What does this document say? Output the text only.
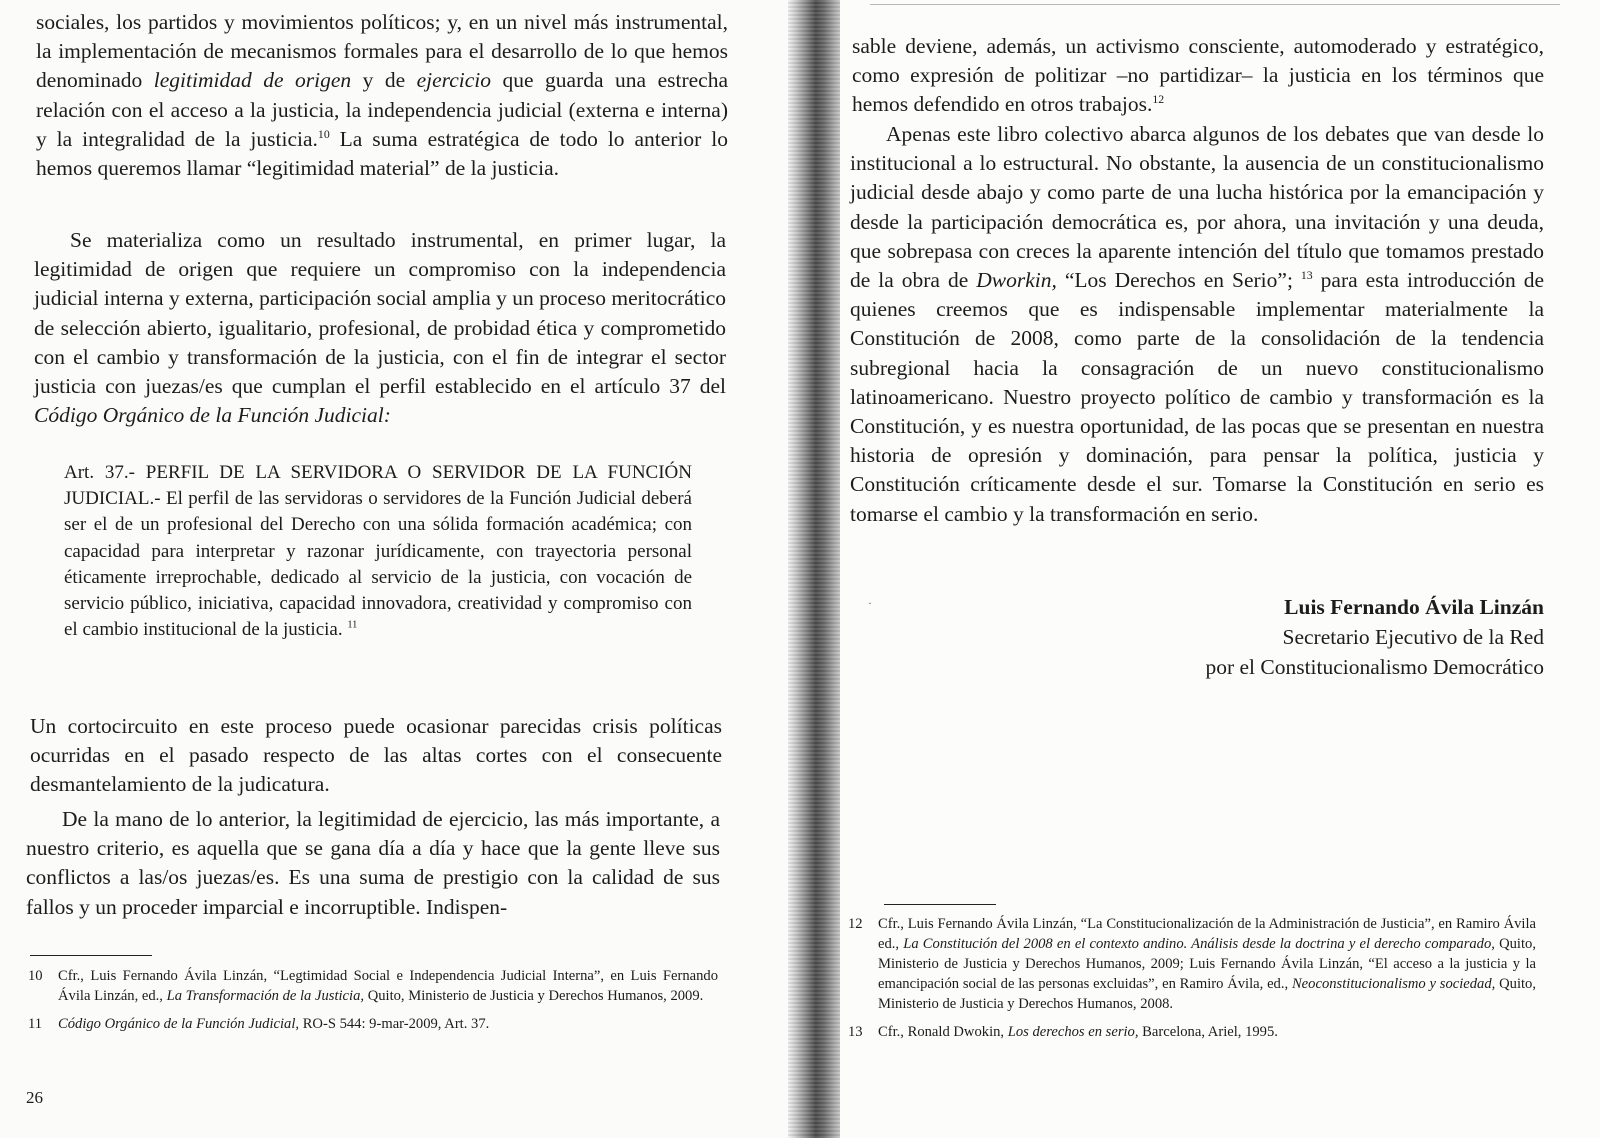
sociales, los partidos y movimientos políticos; y, en un nivel más instrumental, la implementación de mecanismos formales para el desarrollo de lo que hemos denominado legitimidad de origen y de ejercicio que guarda una estrecha relación con el acceso a la justicia, la independencia judicial (externa e interna) y la integralidad de la justicia.$^{10}$ La suma estratégica de todo lo anterior lo hemos queremos llamar “legitimidad material” de la justicia.

Se materializa como un resultado instrumental, en primer lugar, la legitimidad de origen que requiere un compromiso con la independencia judicial interna y externa, participación social amplia y un proceso meritocrático de selección abierto, igualitario, profesional, de probidad ética y comprometido con el cambio y transformación de la justicia, con el fin de integrar el sector justicia con juezas/es que cumplan el perfil establecido en el artículo 37 del Código Orgánico de la Función Judicial:

Art. 37.- PERFIL DE LA SERVIDORA O SERVIDOR DE LA FUNCIÓN JUDICIAL.- El perfil de las servidoras o servidores de la Función Judicial deberá ser el de un profesional del Derecho con una sólida formación académica; con capacidad para interpretar y razonar jurídicamente, con trayectoria personal éticamente irreprochable, dedicado al servicio de la justicia, con vocación de servicio público, iniciativa, capacidad innovadora, creatividad y compromiso con el cambio institucional de la justicia. $^{11}$

Un cortocircuito en este proceso puede ocasionar parecidas crisis políticas ocurridas en el pasado respecto de las altas cortes con el consecuente desmantelamiento de la judicatura.

De la mano de lo anterior, la legitimidad de ejercicio, las más importante, a nuestro criterio, es aquella que se gana día a día y hace que la gente lleve sus conflictos a las/os juezas/es. Es una suma de prestigio con la calidad de sus fallos y un proceder imparcial e incorruptible. Indispen-

10	Cfr., Luis Fernando Ávila Linzán, “Legtimidad Social e Independencia Judicial Interna”, en Luis Fernando Ávila Linzán, ed., La Transformación de la Justicia, Quito, Ministerio de Justicia y Derechos Humanos, 2009.
11	Código Orgánico de la Función Judicial, RO-S 544: 9-mar-2009, Art. 37.
26

sable deviene, además, un activismo consciente, automoderado y estratégico, como expresión de politizar –no partidizar– la justicia en los términos que hemos defendido en otros trabajos.$^{12}$

Apenas este libro colectivo abarca algunos de los debates que van desde lo institucional a lo estructural. No obstante, la ausencia de un constitucionalismo judicial desde abajo y como parte de una lucha histórica por la emancipación y desde la participación democrática es, por ahora, una invitación y una deuda, que sobrepasa con creces la aparente intención del título que tomamos prestado de la obra de Dworkin, “Los Derechos en Serio”; $^{13}$ para esta introducción de quienes creemos que es indispensable implementar materialmente la Constitución de 2008, como parte de la consolidación de la tendencia subregional hacia la consagración de un nuevo constitucionalismo latinoamericano. Nuestro proyecto político de cambio y transformación es la Constitución, y es nuestra oportunidad, de las pocas que se presentan en nuestra historia de opresión y dominación, para pensar la política, justicia y Constitución críticamente desde el sur. Tomarse la Constitución en serio es tomarse el cambio y la transformación en serio.

·
12	Cfr., Luis Fernando Ávila Linzán, “La Constitucionalización de la Administración de Justicia”, en Ramiro Ávila ed., La Constitución del 2008 en el contexto andino. Análisis desde la doctrina y el derecho comparado, Quito, Ministerio de Justicia y Derechos Humanos, 2009; Luis Fernando Ávila Linzán, “El acceso a la justicia y la emancipación social de las personas excluidas”, en Ramiro Ávila, ed., Neoconstitucionalismo y sociedad, Quito, Ministerio de Justicia y Derechos Humanos, 2008.
13	Cfr., Ronald Dwokin, Los derechos en serio, Barcelona, Ariel, 1995.
Luis Fernando Ávila Linzán
Secretario Ejecutivo de la Red
por el Constitucionalismo Democrático
